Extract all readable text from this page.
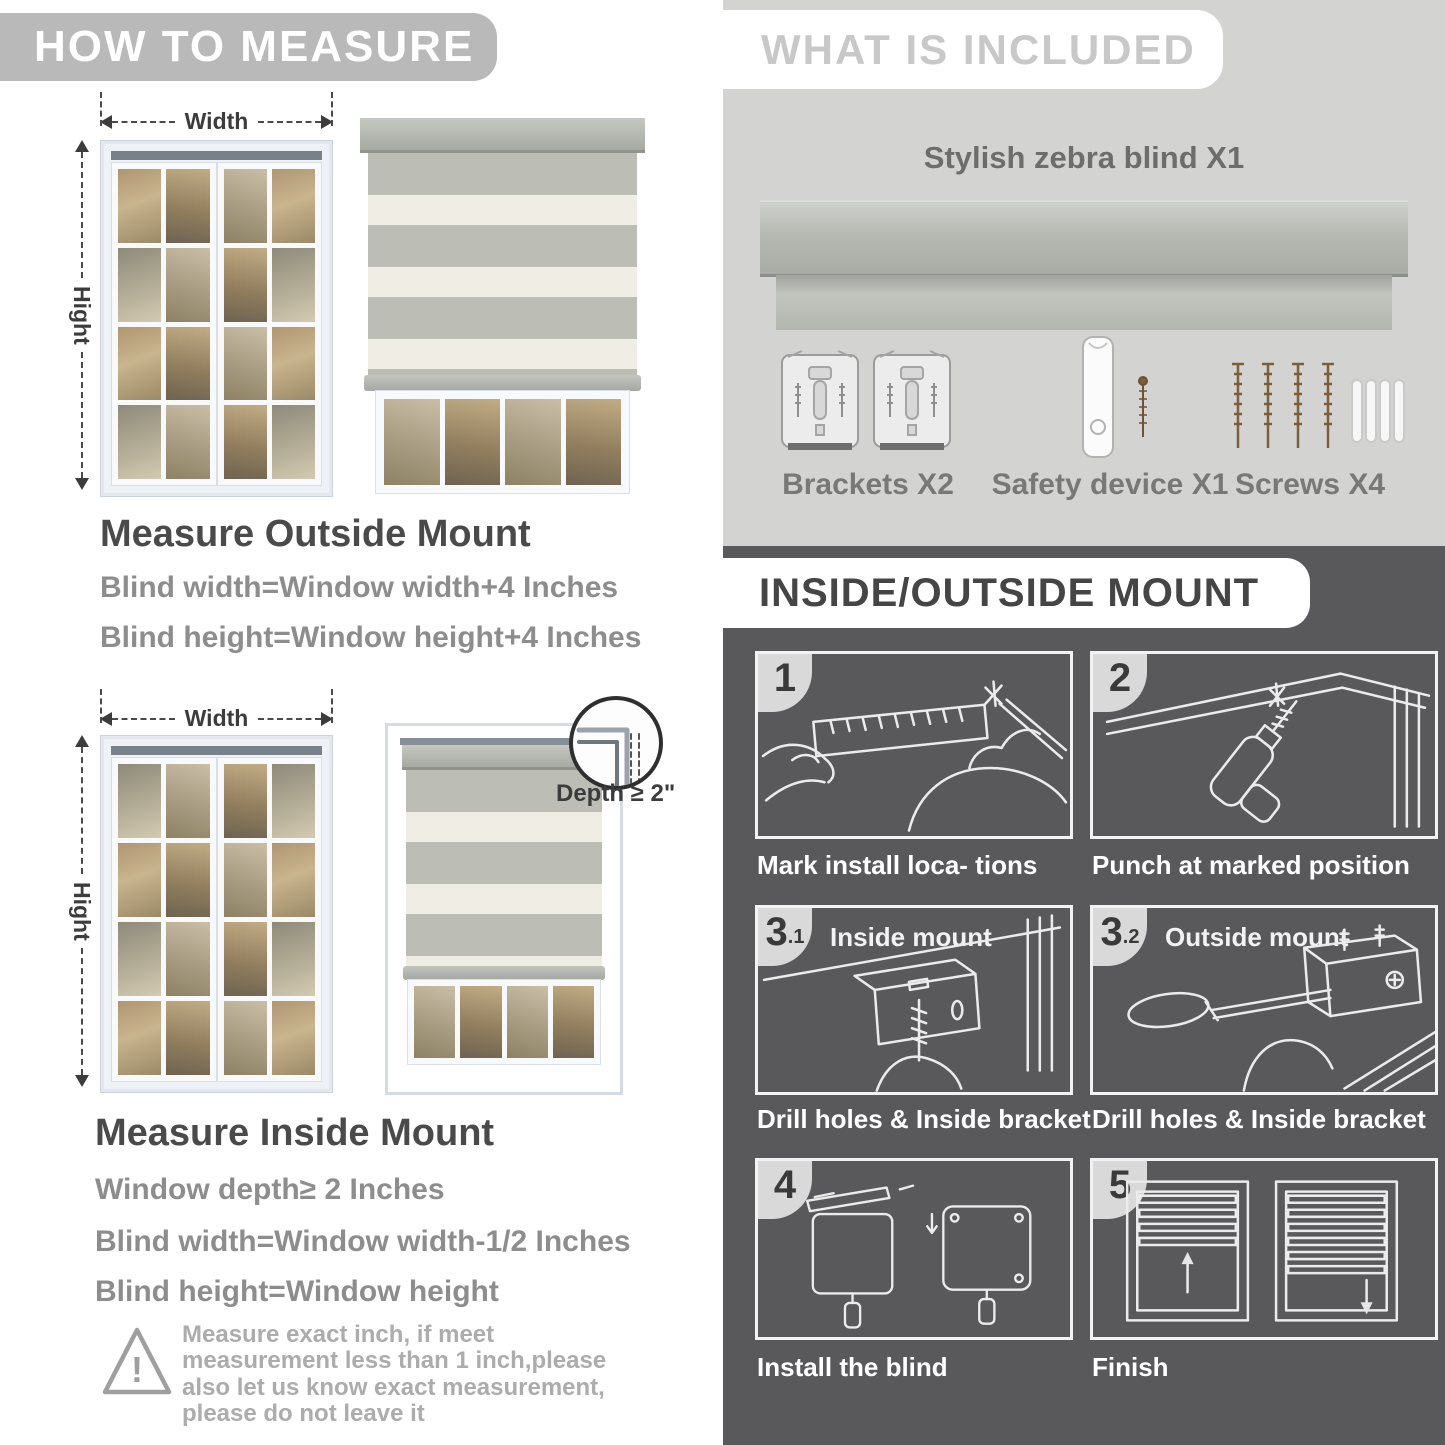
HOW TO MEASURE
Width
Hight
Measure Outside Mount
Blind width=Window width+4 Inches
Blind height=Window height+4 Inches
Width
Hight
Depth ≥ 2"
Measure Inside Mount
Window depth≥ 2 Inches
Blind width=Window width-1/2 Inches
Blind height=Window height
!
Measure exact inch, if meet measurement less than 1 inch,please also let us know exact measurement, please do not leave it
WHAT IS INCLUDED
Stylish zebra blind X1
Brackets X2	Safety device X1 Screws X4
INSIDE/OUTSIDE MOUNT
1
Mark install loca- tions
2
Punch at marked position
3 .1 Inside mount
Drill holes & Inside bracket
3 .2 Outside mount
Drill holes & Inside bracket
4
Install the blind
5
Finish
